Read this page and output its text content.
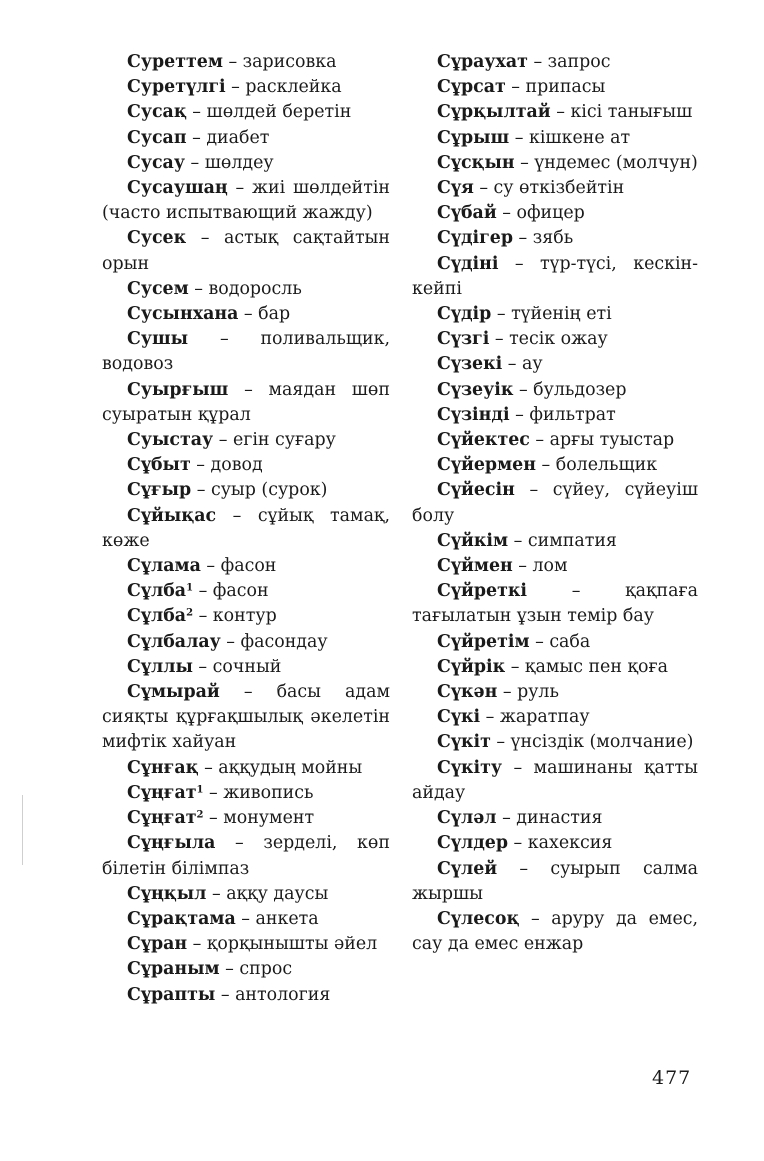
Суреттем – зарисовка

Суретүлгі – расклейка

Сусақ – шөлдей беретін

Сусап – диабет

Сусау – шөлдеу

Сусаушаң – жиі шөлдейтін (часто испытвающий жажду)

Сусек – астық сақтайтын орын

Сусем – водоросль

Сусынхана – бар

Сушы – поливальщик, водовоз

Суырғыш – маядан шөп суыратын құрал

Суыстау – егін суғару

Сұбыт – довод

Сұғыр – суыр (сурок)

Сұйықас – сұйық тамақ, көже

Сұлама – фасон

Сұлба$^1$ – фасон

Сұлба$^2$ – контур

Сұлбалау – фасондау

Сұллы – сочный

Сұмырай – басы адам сияқты құрғақшылық әкелетін мифтік хайуан

Сұнғақ – аққудың мойны

Сұңғат$^1$ – живопись

Сұңғат$^2$ – монумент

Сұңғыла – зерделі, көп білетін білімпаз

Сұңқыл – аққу даусы

Сұрақтама – анкета

Сұран – қорқынышты әйел

Сұраным – спрос

Сұрапты – антология

Сұраухат – запрос

Сұрсат – припасы

Сұрқылтай – кісі танығыш

Сұрыш – кішкене ат

Сұсқын – үндемес (молчун)

Сүя – су өткізбейтін

Сүбай – офицер

Сүдігер – зябь

Сүдіні – түр-түсі, кескін-кейпі

Сүдір – түйенің еті

Сүзгі – тесік ожау

Сүзекі – ау

Сүзеуік – бульдозер

Сүзінді – фильтрат

Сүйектес – арғы туыстар

Сүйермен – болельщик

Сүйесін – сүйеу, сүйеуіш болу

Сүйкім – симпатия

Сүймен – лом

Сүйреткі – қақпаға тағылатын ұзын темір бау

Сүйретім – саба

Сүйрік – қамыс пен қоға

Сүкән – руль

Сүкі – жаратпау

Сүкіт – үнсіздік (молчание)

Сүкіту – машинаны қатты айдау

Сүләл – династия

Сүлдер – кахексия

Сүлей – суырып салма жыршы

Сүлесоқ – аруру да емес, сау да емес енжар

477
